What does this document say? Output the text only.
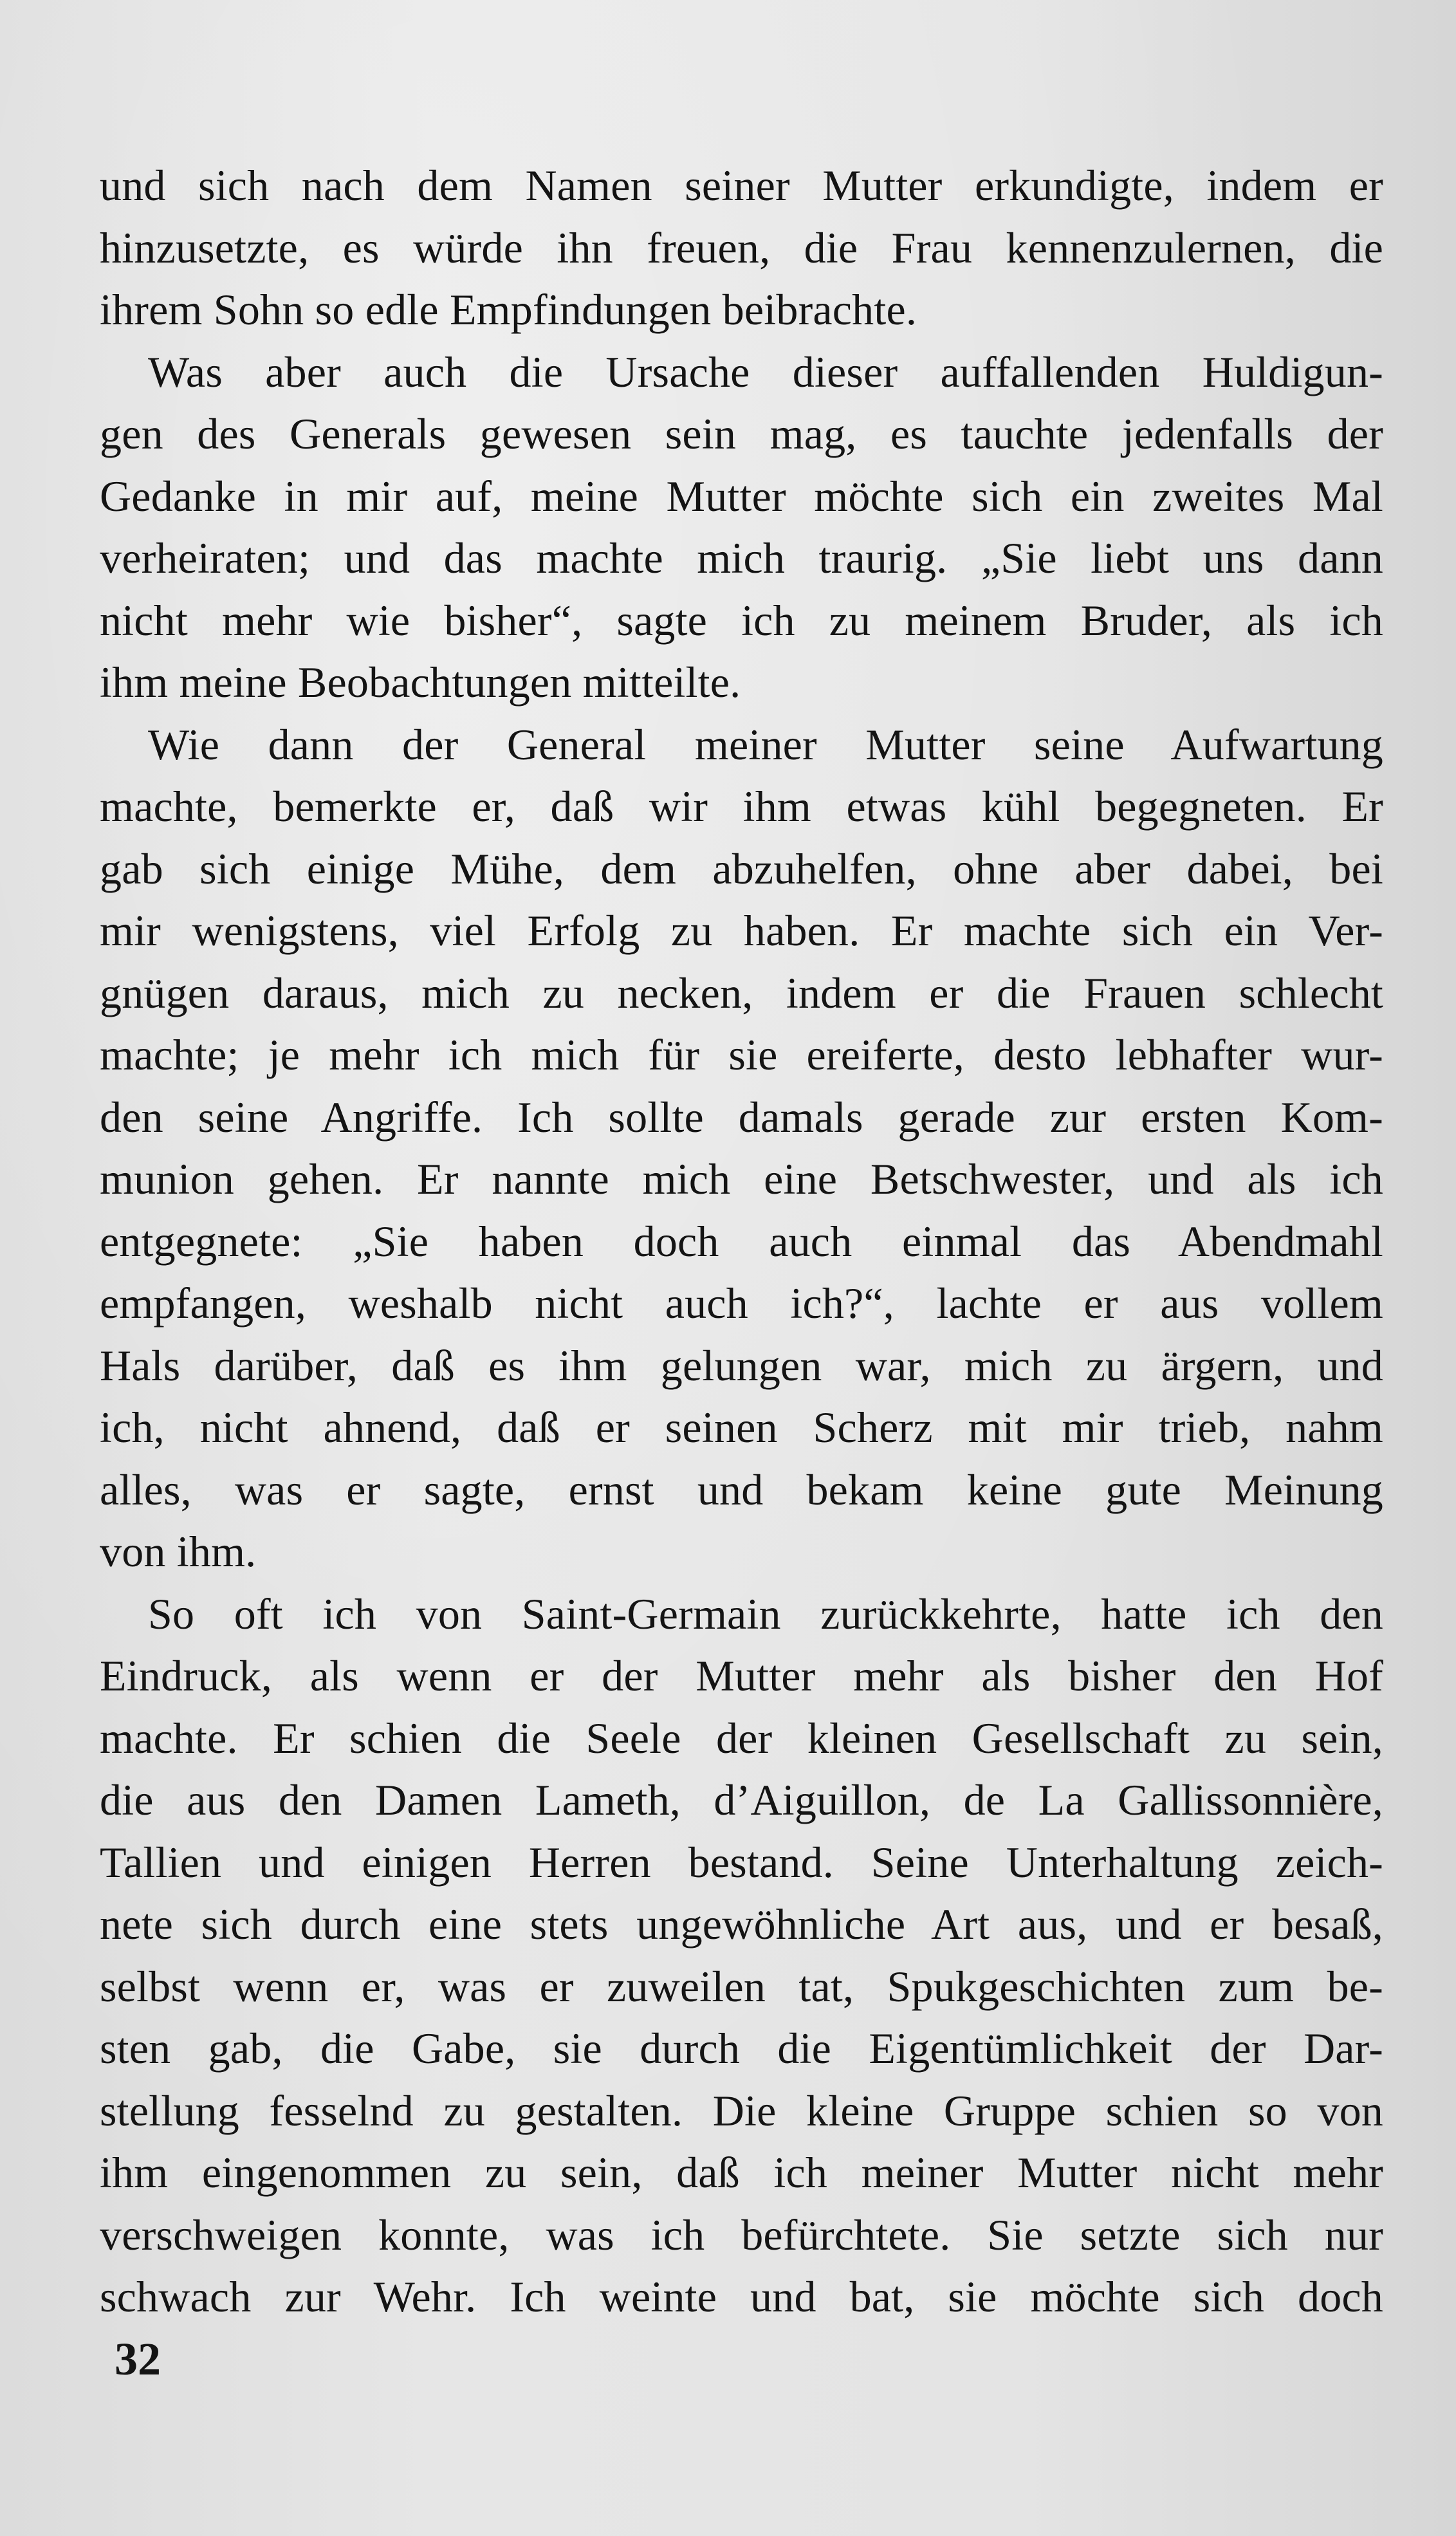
und sich nach dem Namen seiner Mutter erkundigte, indem er
hinzusetzte, es würde ihn freuen, die Frau kennenzulernen, die
ihrem Sohn so edle Empfindungen beibrachte.
Was aber auch die Ursache dieser auffallenden Huldigun-
gen des Generals gewesen sein mag, es tauchte jedenfalls der
Gedanke in mir auf, meine Mutter möchte sich ein zweites Mal
verheiraten; und das machte mich traurig. „Sie liebt uns dann
nicht mehr wie bisher“, sagte ich zu meinem Bruder, als ich
ihm meine Beobachtungen mitteilte.
Wie dann der General meiner Mutter seine Aufwartung
machte, bemerkte er, daß wir ihm etwas kühl begegneten. Er
gab sich einige Mühe, dem abzuhelfen, ohne aber dabei, bei
mir wenigstens, viel Erfolg zu haben. Er machte sich ein Ver-
gnügen daraus, mich zu necken, indem er die Frauen schlecht
machte; je mehr ich mich für sie ereiferte, desto lebhafter wur-
den seine Angriffe. Ich sollte damals gerade zur ersten Kom-
munion gehen. Er nannte mich eine Betschwester, und als ich
entgegnete: „Sie haben doch auch einmal das Abendmahl
empfangen, weshalb nicht auch ich?“, lachte er aus vollem
Hals darüber, daß es ihm gelungen war, mich zu ärgern, und
ich, nicht ahnend, daß er seinen Scherz mit mir trieb, nahm
alles, was er sagte, ernst und bekam keine gute Meinung
von ihm.
So oft ich von Saint-Germain zurückkehrte, hatte ich den
Eindruck, als wenn er der Mutter mehr als bisher den Hof
machte. Er schien die Seele der kleinen Gesellschaft zu sein,
die aus den Damen Lameth, d’Aiguillon, de La Gallissonnière,
Tallien und einigen Herren bestand. Seine Unterhaltung zeich-
nete sich durch eine stets ungewöhnliche Art aus, und er besaß,
selbst wenn er, was er zuweilen tat, Spukgeschichten zum be-
sten gab, die Gabe, sie durch die Eigentümlichkeit der Dar-
stellung fesselnd zu gestalten. Die kleine Gruppe schien so von
ihm eingenommen zu sein, daß ich meiner Mutter nicht mehr
verschweigen konnte, was ich befürchtete. Sie setzte sich nur
schwach zur Wehr. Ich weinte und bat, sie möchte sich doch
32
